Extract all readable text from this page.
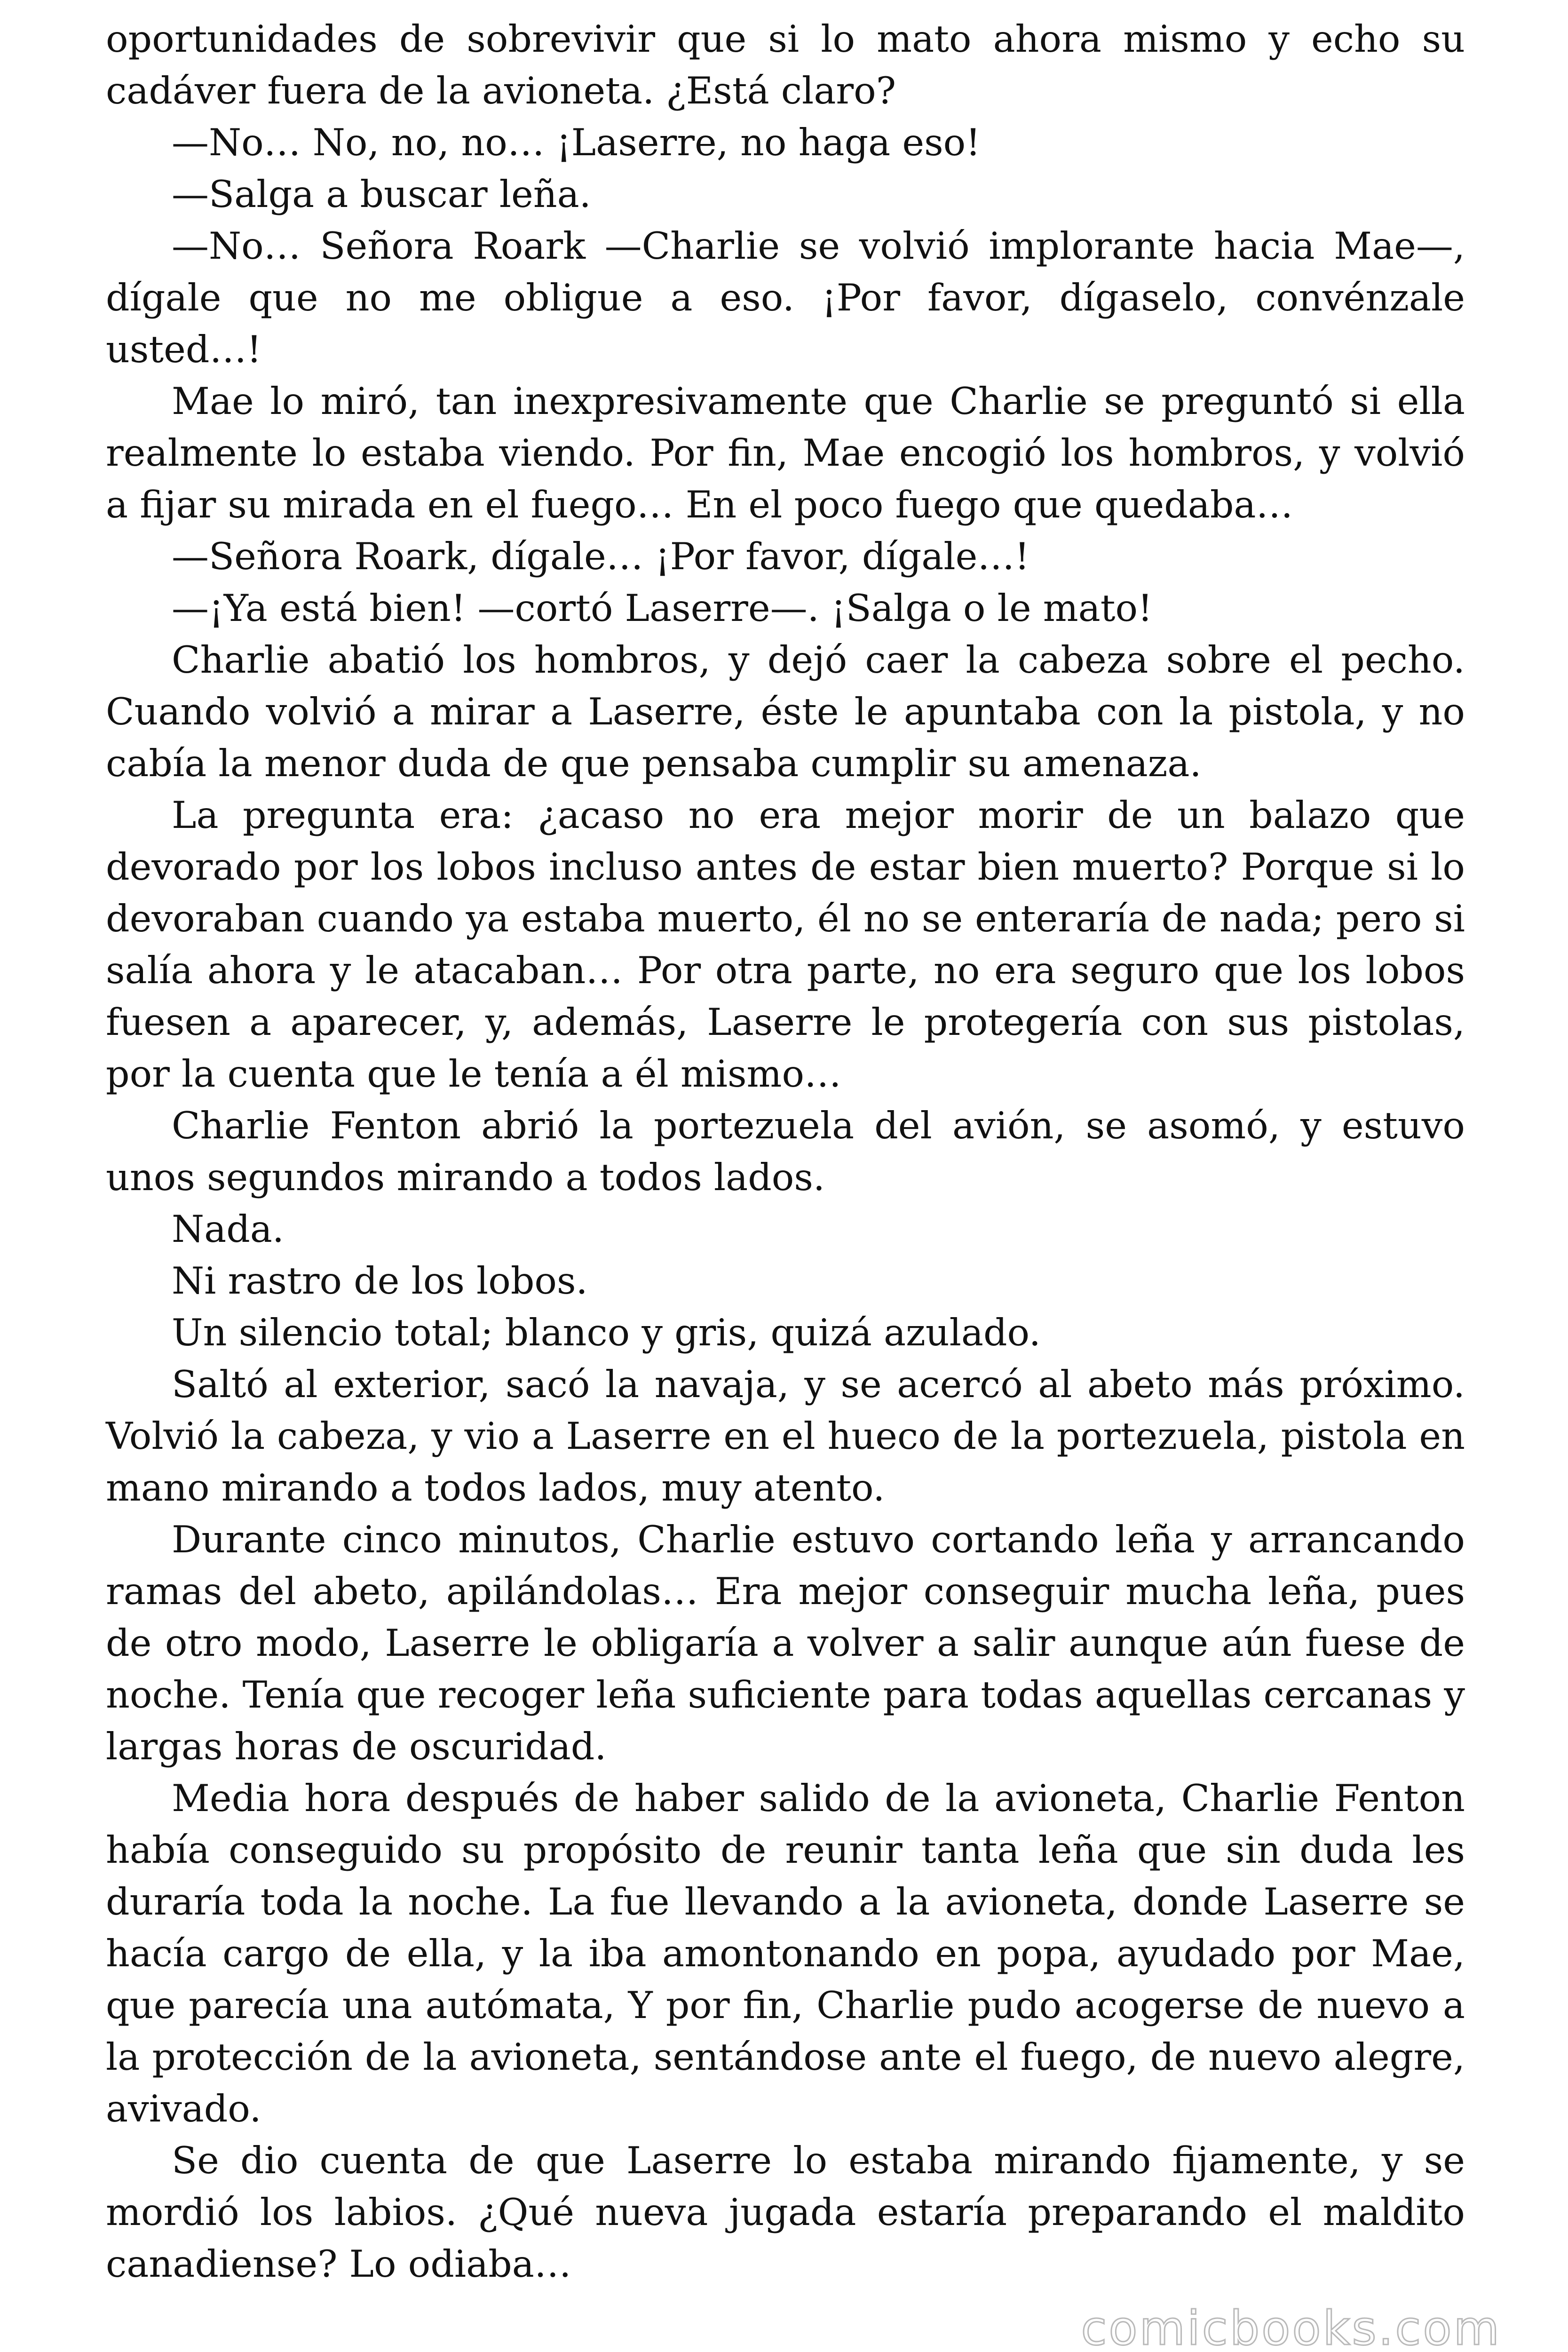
oportunidades de sobrevivir que si lo mato ahora mismo y echo su cadáver fuera de la avioneta. ¿Está claro?

—No… No, no, no… ¡Laserre, no haga eso!

—Salga a buscar leña.

—No… Señora Roark —Charlie se volvió implorante hacia Mae—, dígale que no me obligue a eso. ¡Por favor, dígaselo, convénzale usted…!

Mae lo miró, tan inexpresivamente que Charlie se preguntó si ella realmente lo estaba viendo. Por fin, Mae encogió los hombros, y volvió a fijar su mirada en el fuego… En el poco fuego que quedaba…

—Señora Roark, dígale… ¡Por favor, dígale…!

—¡Ya está bien! —cortó Laserre—. ¡Salga o le mato!

Charlie abatió los hombros, y dejó caer la cabeza sobre el pecho. Cuando volvió a mirar a Laserre, éste le apuntaba con la pistola, y no cabía la menor duda de que pensaba cumplir su amenaza.

La pregunta era: ¿acaso no era mejor morir de un balazo que devorado por los lobos incluso antes de estar bien muerto? Porque si lo devoraban cuando ya estaba muerto, él no se enteraría de nada; pero si salía ahora y le atacaban… Por otra parte, no era seguro que los lobos fuesen a aparecer, y, además, Laserre le protegería con sus pistolas, por la cuenta que le tenía a él mismo…

Charlie Fenton abrió la portezuela del avión, se asomó, y estuvo unos segundos mirando a todos lados.

Nada.

Ni rastro de los lobos.

Un silencio total; blanco y gris, quizá azulado.

Saltó al exterior, sacó la navaja, y se acercó al abeto más próximo. Volvió la cabeza, y vio a Laserre en el hueco de la portezuela, pistola en mano mirando a todos lados, muy atento.

Durante cinco minutos, Charlie estuvo cortando leña y arrancando ramas del abeto, apilándolas… Era mejor conseguir mucha leña, pues de otro modo, Laserre le obligaría a volver a salir aunque aún fuese de noche. Tenía que recoger leña suficiente para todas aquellas cercanas y largas horas de oscuridad.

Media hora después de haber salido de la avioneta, Charlie Fenton había conseguido su propósito de reunir tanta leña que sin duda les duraría toda la noche. La fue llevando a la avioneta, donde Laserre se hacía cargo de ella, y la iba amontonando en popa, ayudado por Mae, que parecía una autómata, Y por fin, Charlie pudo acogerse de nuevo a la protección de la avioneta, sentándose ante el fuego, de nuevo alegre, avivado.

Se dio cuenta de que Laserre lo estaba mirando fijamente, y se mordió los labios. ¿Qué nueva jugada estaría preparando el maldito canadiense? Lo odiaba…

comicbooks.com
